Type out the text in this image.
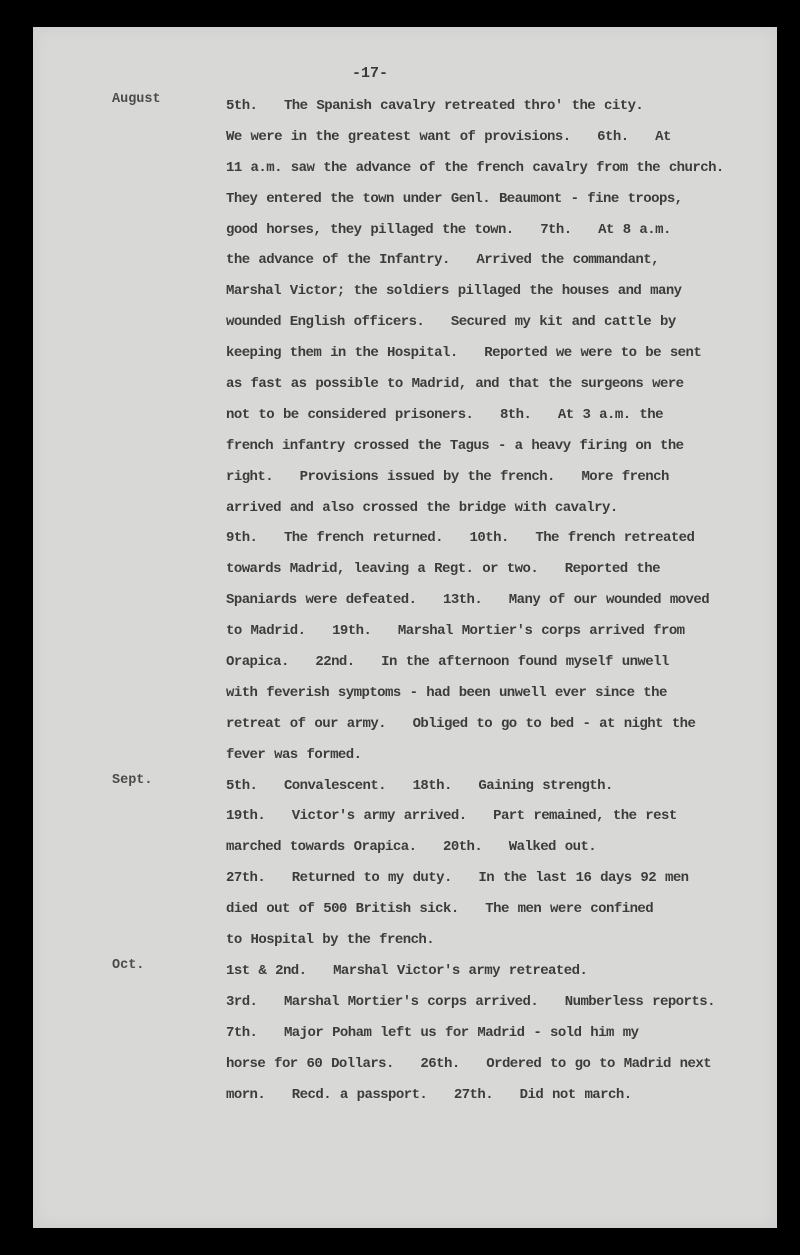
-17-
August
Sept.
Oct.
5th.   The Spanish cavalry retreated thro' the city.
We were in the greatest want of provisions.   6th.   At
11 a.m. saw the advance of the french cavalry from the church.
They entered the town under Genl. Beaumont - fine troops,
good horses, they pillaged the town.   7th.   At 8 a.m.
the advance of the Infantry.   Arrived the commandant,
Marshal Victor; the soldiers pillaged the houses and many
wounded English officers.   Secured my kit and cattle by
keeping them in the Hospital.   Reported we were to be sent
as fast as possible to Madrid, and that the surgeons were
not to be considered prisoners.   8th.   At 3 a.m. the
french infantry crossed the Tagus - a heavy firing on the
right.   Provisions issued by the french.   More french
arrived and also crossed the bridge with cavalry.
9th.   The french returned.   10th.   The french retreated
towards Madrid, leaving a Regt. or two.   Reported the
Spaniards were defeated.   13th.   Many of our wounded moved
to Madrid.   19th.   Marshal Mortier's corps arrived from
Orapica.   22nd.   In the afternoon found myself unwell
with feverish symptoms - had been unwell ever since the
retreat of our army.   Obliged to go to bed - at night the
fever was formed.
5th.   Convalescent.   18th.   Gaining strength.
19th.   Victor's army arrived.   Part remained, the rest
marched towards Orapica.   20th.   Walked out.
27th.   Returned to my duty.   In the last 16 days 92 men
died out of 500 British sick.   The men were confined
to Hospital by the french.
1st & 2nd.   Marshal Victor's army retreated.
3rd.   Marshal Mortier's corps arrived.   Numberless reports.
7th.   Major Poham left us for Madrid - sold him my
horse for 60 Dollars.   26th.   Ordered to go to Madrid next
morn.   Recd. a passport.   27th.   Did not march.
